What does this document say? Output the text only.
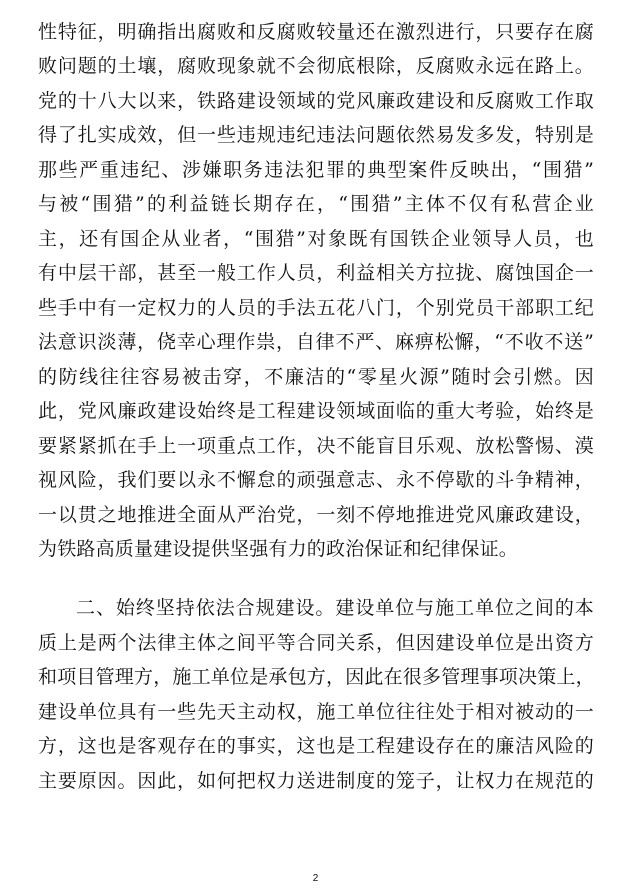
性特征，明确指出腐败和反腐败较量还在激烈进行，只要存在腐
败问题的土壤，腐败现象就不会彻底根除，反腐败永远在路上。
党的十八大以来，铁路建设领域的党风廉政建设和反腐败工作取
得了扎实成效，但一些违规违纪违法问题依然易发多发，特别是
那些严重违纪、涉嫌职务违法犯罪的典型案件反映出，“围猎”
与被“围猎”的利益链长期存在，“围猎”主体不仅有私营企业
主，还有国企从业者，“围猎”对象既有国铁企业领导人员，也
有中层干部，甚至一般工作人员，利益相关方拉拢、腐蚀国企一
些手中有一定权力的人员的手法五花八门，个别党员干部职工纪
法意识淡薄，侥幸心理作祟，自律不严、麻痹松懈，“不收不送”
的防线往往容易被击穿，不廉洁的“零星火源”随时会引燃。因
此，党风廉政建设始终是工程建设领域面临的重大考验，始终是
要紧紧抓在手上一项重点工作，决不能盲目乐观、放松警惕、漠
视风险，我们要以永不懈怠的顽强意志、永不停歇的斗争精神，
一以贯之地推进全面从严治党，一刻不停地推进党风廉政建设，
为铁路高质量建设提供坚强有力的政治保证和纪律保证。
二、始终坚持依法合规建设。建设单位与施工单位之间的本
质上是两个法律主体之间平等合同关系，但因建设单位是出资方
和项目管理方，施工单位是承包方，因此在很多管理事项决策上，
建设单位具有一些先天主动权，施工单位往往处于相对被动的一
方，这也是客观存在的事实，这也是工程建设存在的廉洁风险的
主要原因。因此，如何把权力送进制度的笼子，让权力在规范的
2
